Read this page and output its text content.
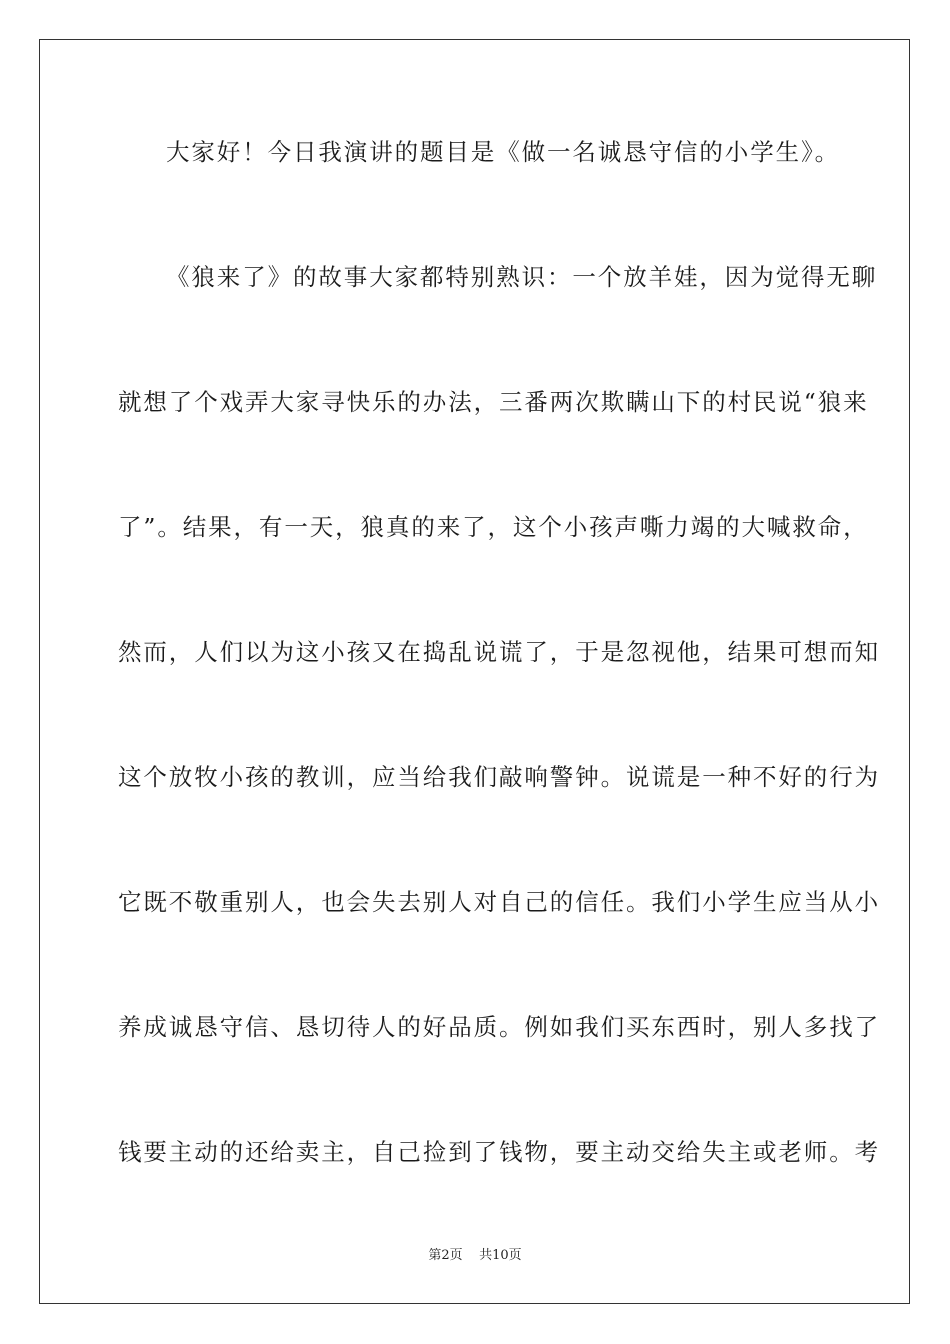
大家好！今日我演讲的题目是《做一名诚恳守信的小学生》。
《狼来了》的故事大家都特别熟识：一个放羊娃，因为觉得无聊
就想了个戏弄大家寻快乐的办法，三番两次欺瞒山下的村民说“狼来
了”。结果，有一天，狼真的来了，这个小孩声嘶力竭的大喊救命，
然而，人们以为这小孩又在捣乱说谎了，于是忽视他，结果可想而知
这个放牧小孩的教训，应当给我们敲响警钟。说谎是一种不好的行为
它既不敬重别人，也会失去别人对自己的信任。我们小学生应当从小
养成诚恳守信、恳切待人的好品质。例如我们买东西时，别人多找了
钱要主动的还给卖主，自己捡到了钱物，要主动交给失主或老师。考
第2页 共10页
